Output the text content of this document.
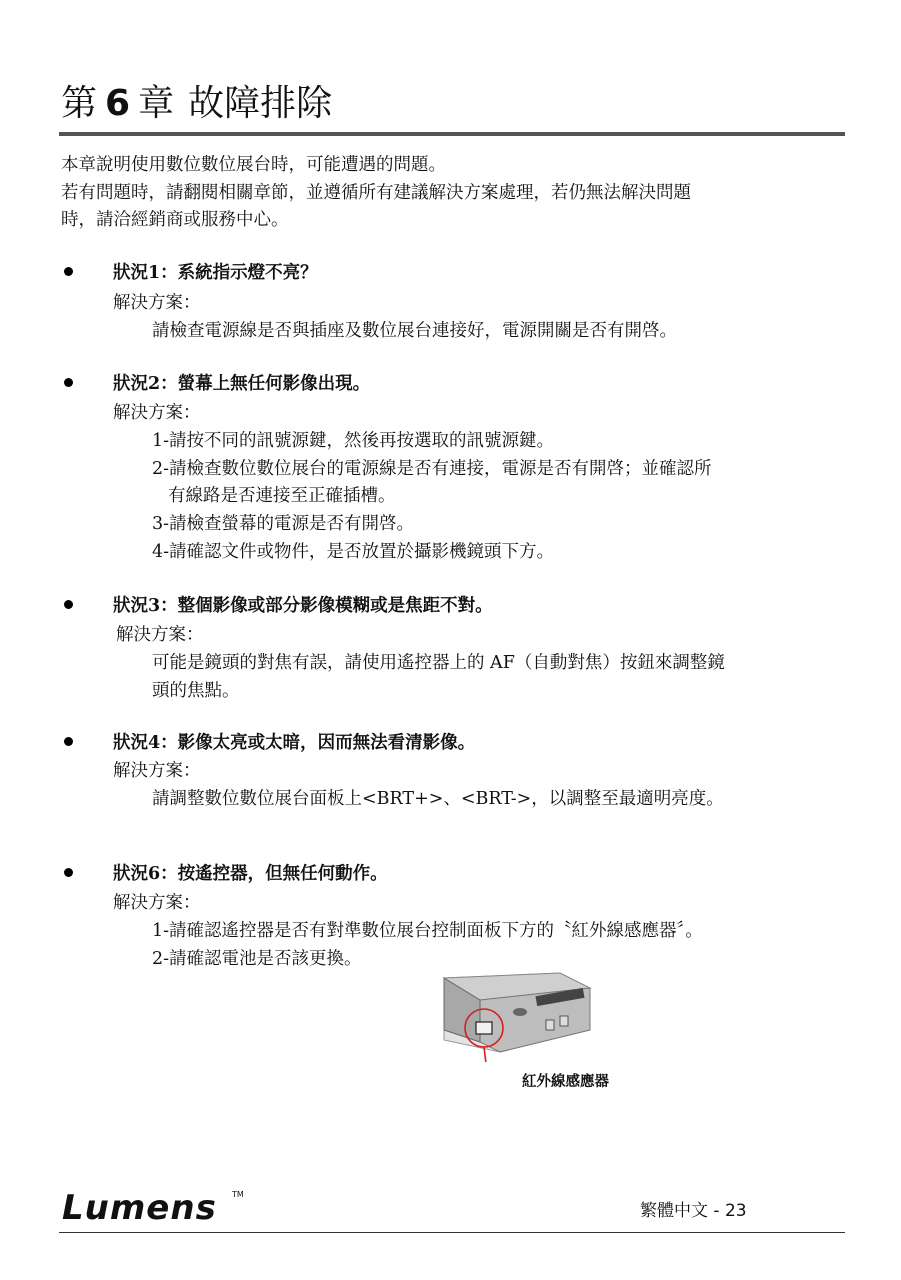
第 6 章 故障排除
本章說明使用數位數位展台時，可能遭遇的問題。
若有問題時，請翻閱相關章節，並遵循所有建議解決方案處理，若仍無法解決問題
時，請洽經銷商或服務中心。
狀況1：系統指示燈不亮？
解決方案：
請檢查電源線是否與插座及數位展台連接好，電源開關是否有開啓。
狀況2：螢幕上無任何影像出現。
解決方案：
1-請按不同的訊號源鍵，然後再按選取的訊號源鍵。
2-請檢查數位數位展台的電源線是否有連接，電源是否有開啓；並確認所
有線路是否連接至正確插槽。
3-請檢查螢幕的電源是否有開啓。
4-請確認文件或物件，是否放置於攝影機鏡頭下方。
狀況3：整個影像或部分影像模糊或是焦距不對。
解決方案：
可能是鏡頭的對焦有誤，請使用遙控器上的 AF（自動對焦）按鈕來調整鏡
頭的焦點。
狀況4：影像太亮或太暗，因而無法看清影像。
解決方案：
請調整數位數位展台面板上<BRT+>、<BRT->，以調整至最適明亮度。
狀況6：按遙控器，但無任何動作。
解決方案：
1-請確認遙控器是否有對準數位展台控制面板下方的〝紅外線感應器〞。
2-請確認電池是否該更換。
紅外線感應器
Lumens TM
繁體中文 - 23
